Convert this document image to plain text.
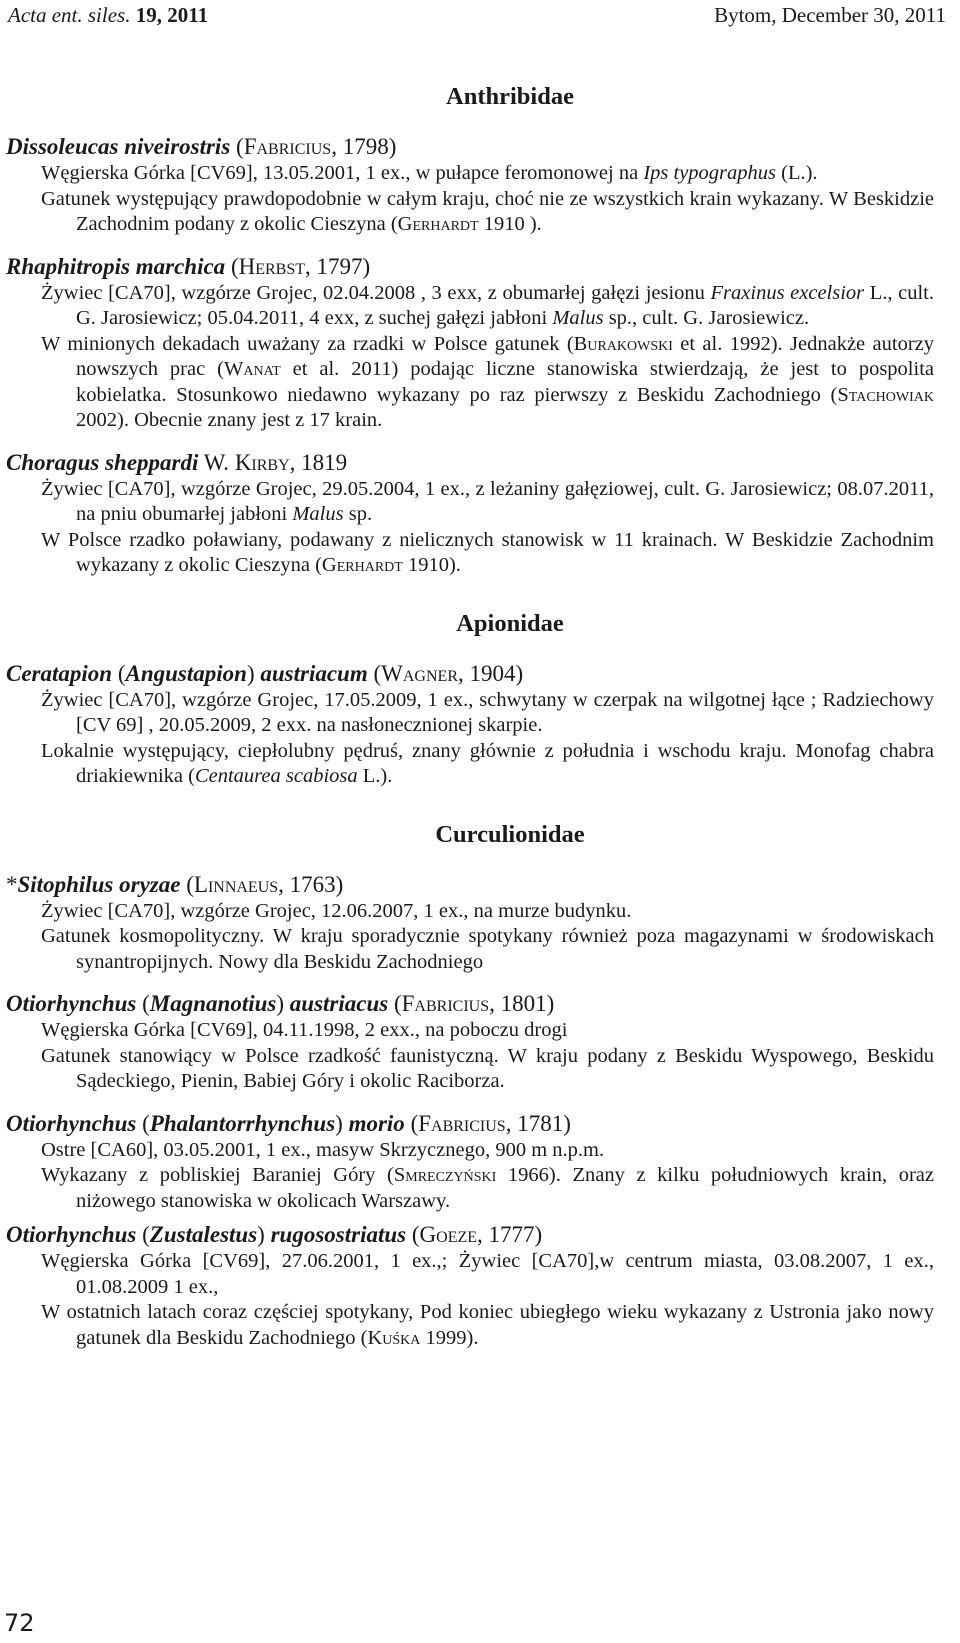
Acta ent. siles. 19, 2011	Bytom, December 30, 2011
Anthribidae

Dissoleucas niveirostris (Fabricius, 1798)

Węgierska Górka [CV69], 13.05.2001, 1 ex., w pułapce feromonowej na Ips typographus (L.).

Gatunek występujący prawdopodobnie w całym kraju, choć nie ze wszystkich krain wykazany. W Beskidzie Zachodnim podany z okolic Cieszyna (Gerhardt 1910 ).

Rhaphitropis marchica (Herbst, 1797)

Żywiec [CA70], wzgórze Grojec, 02.04.2008 , 3 exx, z obumarłej gałęzi jesionu Fraxinus excelsior L., cult. G. Jarosiewicz; 05.04.2011, 4 exx, z suchej gałęzi jabłoni Malus sp., cult. G. Jarosiewicz.

W minionych dekadach uważany za rzadki w Polsce gatunek (Burakowski et al. 1992). Jednakże autorzy nowszych prac (Wanat et al. 2011) podając liczne stanowiska stwierdzają, że jest to pospolita kobielatka. Stosunkowo niedawno wykazany po raz pierwszy z Beskidu Zachodniego (Stachowiak 2002). Obecnie znany jest z 17 krain.

Choragus sheppardi W. Kirby, 1819

Żywiec [CA70], wzgórze Grojec, 29.05.2004, 1 ex., z leżaniny gałęziowej, cult. G. Jarosiewicz; 08.07.2011, na pniu obumarłej jabłoni Malus sp.

W Polsce rzadko poławiany, podawany z nielicznych stanowisk w 11 krainach. W Beskidzie Zachodnim wykazany z okolic Cieszyna (Gerhardt 1910).

Apionidae

Ceratapion (Angustapion) austriacum (Wagner, 1904)

Żywiec [CA70], wzgórze Grojec, 17.05.2009, 1 ex., schwytany w czerpak na wilgotnej łące ; Radziechowy [CV 69] , 20.05.2009, 2 exx. na nasłonecznionej skarpie.

Lokalnie występujący, ciepłolubny pędruś, znany głównie z południa i wschodu kraju. Monofag chabra driakiewnika (Centaurea scabiosa L.).

Curculionidae

*Sitophilus oryzae (Linnaeus, 1763)

Żywiec [CA70], wzgórze Grojec, 12.06.2007, 1 ex., na murze budynku.

Gatunek kosmopolityczny. W kraju sporadycznie spotykany również poza magazynami w środowiskach synantropijnych. Nowy dla Beskidu Zachodniego

Otiorhynchus (Magnanotius) austriacus (Fabricius, 1801)

Węgierska Górka [CV69], 04.11.1998, 2 exx., na poboczu drogi

Gatunek stanowiący w Polsce rzadkość faunistyczną. W kraju podany z Beskidu Wyspowego, Beskidu Sądeckiego, Pienin, Babiej Góry i okolic Raciborza.

Otiorhynchus (Phalantorrhynchus) morio (Fabricius, 1781)

Ostre [CA60], 03.05.2001, 1 ex., masyw Skrzycznego, 900 m n.p.m.

Wykazany z pobliskiej Baraniej Góry (Smreczyński 1966). Znany z kilku południowych krain, oraz niżowego stanowiska w okolicach Warszawy.

Otiorhynchus (Zustalestus) rugosostriatus (Goeze, 1777)

Węgierska Górka [CV69], 27.06.2001, 1 ex.,; Żywiec [CA70],w centrum miasta, 03.08.2007, 1 ex., 01.08.2009 1 ex.,

W ostatnich latach coraz częściej spotykany, Pod koniec ubiegłego wieku wykazany z Ustronia jako nowy gatunek dla Beskidu Zachodniego (Kuśka 1999).

72
